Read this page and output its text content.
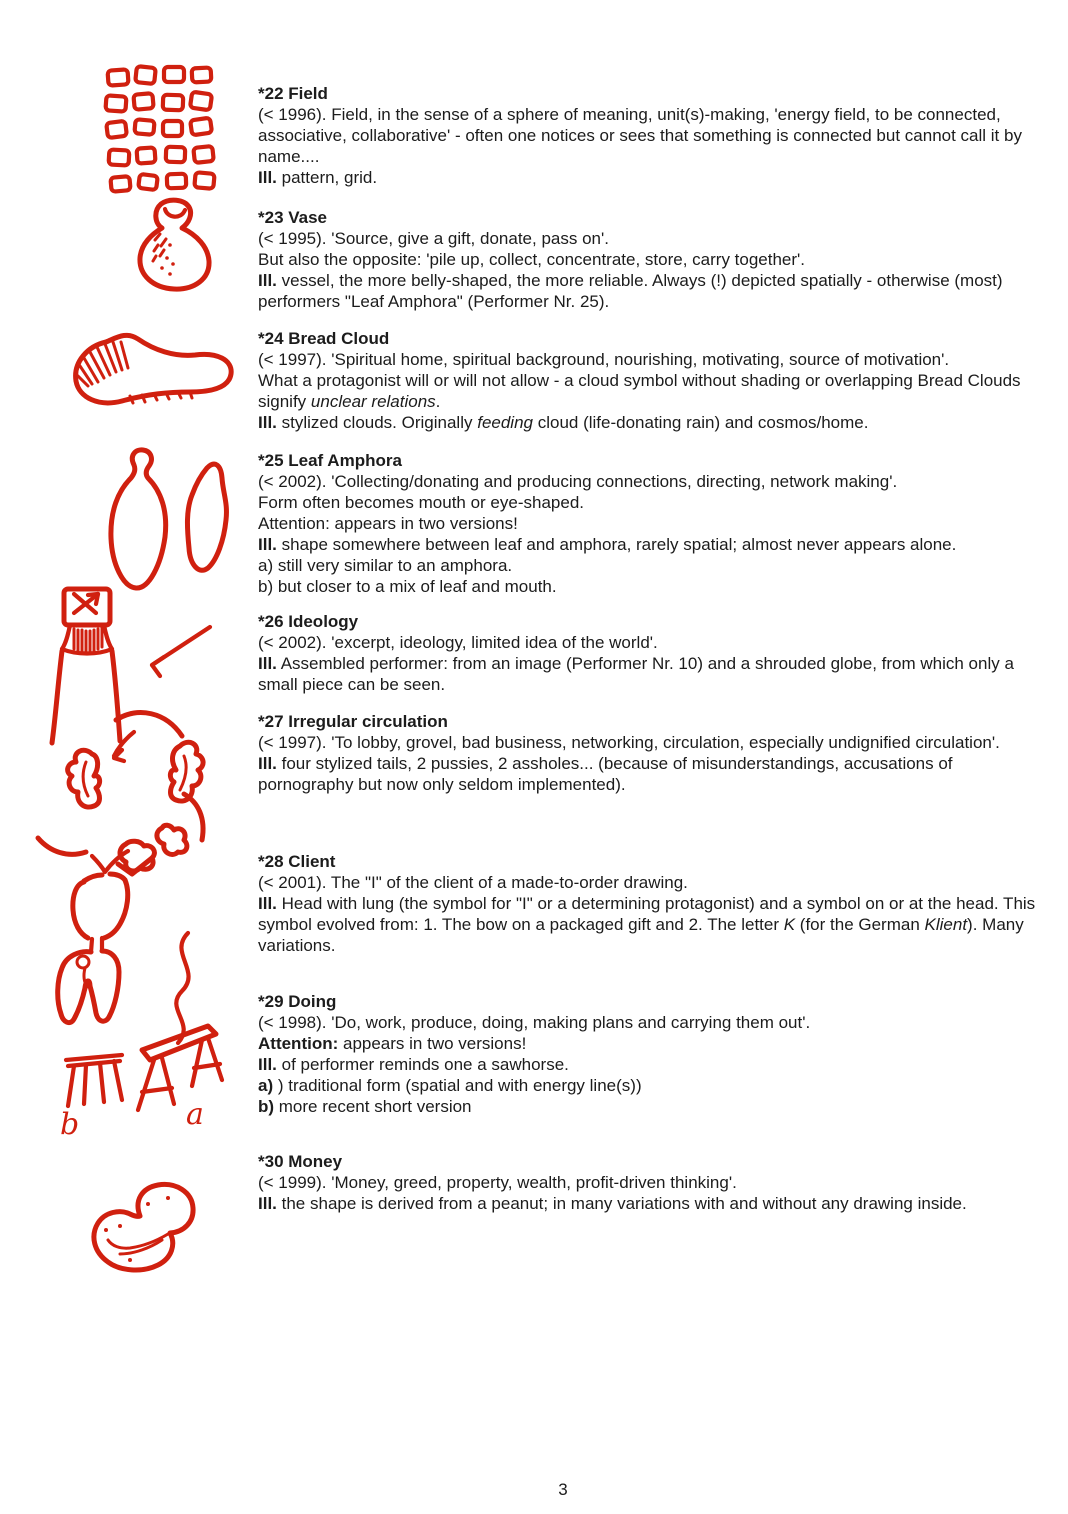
b	a
*22 Field

(< 1996). Field, in the sense of a sphere of meaning, unit(s)-making, 'energy field, to be connected, associative, collaborative' - often one notices or sees that something is connected but cannot call it by name....

Ill. pattern, grid.

*23 Vase

(< 1995). 'Source, give a gift, donate, pass on'.

But also the opposite: 'pile up, collect, concentrate, store, carry together'.

Ill. vessel, the more belly-shaped, the more reliable. Always (!) depicted spatially - otherwise (most) performers "Leaf Amphora" (Performer Nr. 25).

*24 Bread Cloud

(< 1997). 'Spiritual home, spiritual background, nourishing, motivating, source of motivation'.

What a protagonist will or will not allow - a cloud symbol without shading or overlapping Bread Clouds signify unclear relations.

Ill. stylized clouds. Originally feeding cloud (life-donating rain) and cosmos/home.

*25 Leaf Amphora

(< 2002). 'Collecting/donating and producing connections, directing, network making'.

Form often becomes mouth or eye-shaped.

Attention: appears in two versions!

Ill. shape somewhere between leaf and amphora, rarely spatial; almost never appears alone.

a) still very similar to an amphora.

b) but closer to a mix of leaf and mouth.

*26 Ideology

(< 2002). 'excerpt, ideology, limited idea of the world'.

Ill. Assembled performer: from an image (Performer Nr. 10) and a shrouded globe, from which only a small piece can be seen.

*27 Irregular circulation

(< 1997). 'To lobby, grovel, bad business, networking, circulation, especially undignified circulation'.

Ill. four stylized tails, 2 pussies, 2 assholes... (because of misunderstandings, accusations of pornography but now only seldom implemented).

*28 Client

(< 2001). The "I" of the client of a made-to-order drawing.

Ill. Head with lung (the symbol for "I" or a determining protagonist) and a symbol on or at the head. This symbol evolved from: 1. The bow on a packaged gift and 2. The letter K (for the German Klient). Many variations.

*29 Doing

(< 1998). 'Do, work, produce, doing, making plans and carrying them out'.

Attention: appears in two versions!

Ill. of performer reminds one a sawhorse.

a) ) traditional form (spatial and with energy line(s))

b) more recent short version

*30 Money

(< 1999). 'Money, greed, property, wealth, profit-driven thinking'.

Ill. the shape is derived from a peanut; in many variations with and without any drawing inside.

3
